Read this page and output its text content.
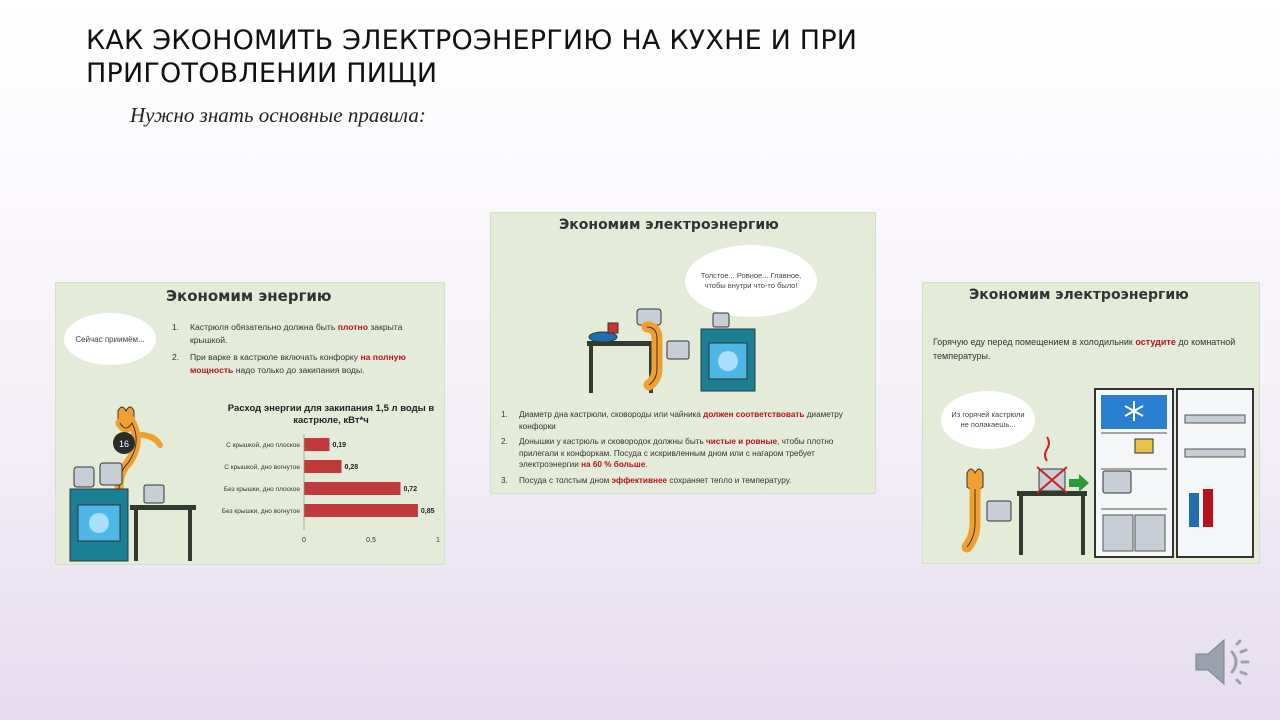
КАК ЭКОНОМИТЬ ЭЛЕКТРОЭНЕРГИЮ НА КУХНЕ И ПРИ ПРИГОТОВЛЕНИИ ПИЩИ
Нужно знать основные правила:
Экономим энергию
Сейчас приимём...
1.	Кастрюля обязательно должна быть плотно закрыта крышкой.
2.	При варке в кастрюле включать конфорку на полную мощность надо только до закипания воды.
Расход энергии для закипания 1,5 л воды в кастрюле, кВт*ч
С крышкой, дно плоское	0,19
С крышкой, дно вогнутое	0,28
Без крышки, дно плоское	0,72
Без крышки, дно вогнутое	0,85
0	0,5	1
16
Экономим электроэнергию
Толстое... Ровное... Главное, чтобы внутри что-то было!
1.	Диаметр дна кастрюли, сковороды или чайника должен соответствовать диаметру конфорки
2.	Донышки у кастрюль и сковородок должны быть чистые и ровные, чтобы плотно прилегали к конфоркам. Посуда с искривленным дном или с нагаром требует электроэнергии на 60 % больше.
3.	Посуда с толстым дном эффективнее сохраняет тепло и температуру.
Экономим электроэнергию
Горячую еду перед помещением в холодильник остудите до комнатной температуры.
Из горячей кастрюли не полакаешь...
